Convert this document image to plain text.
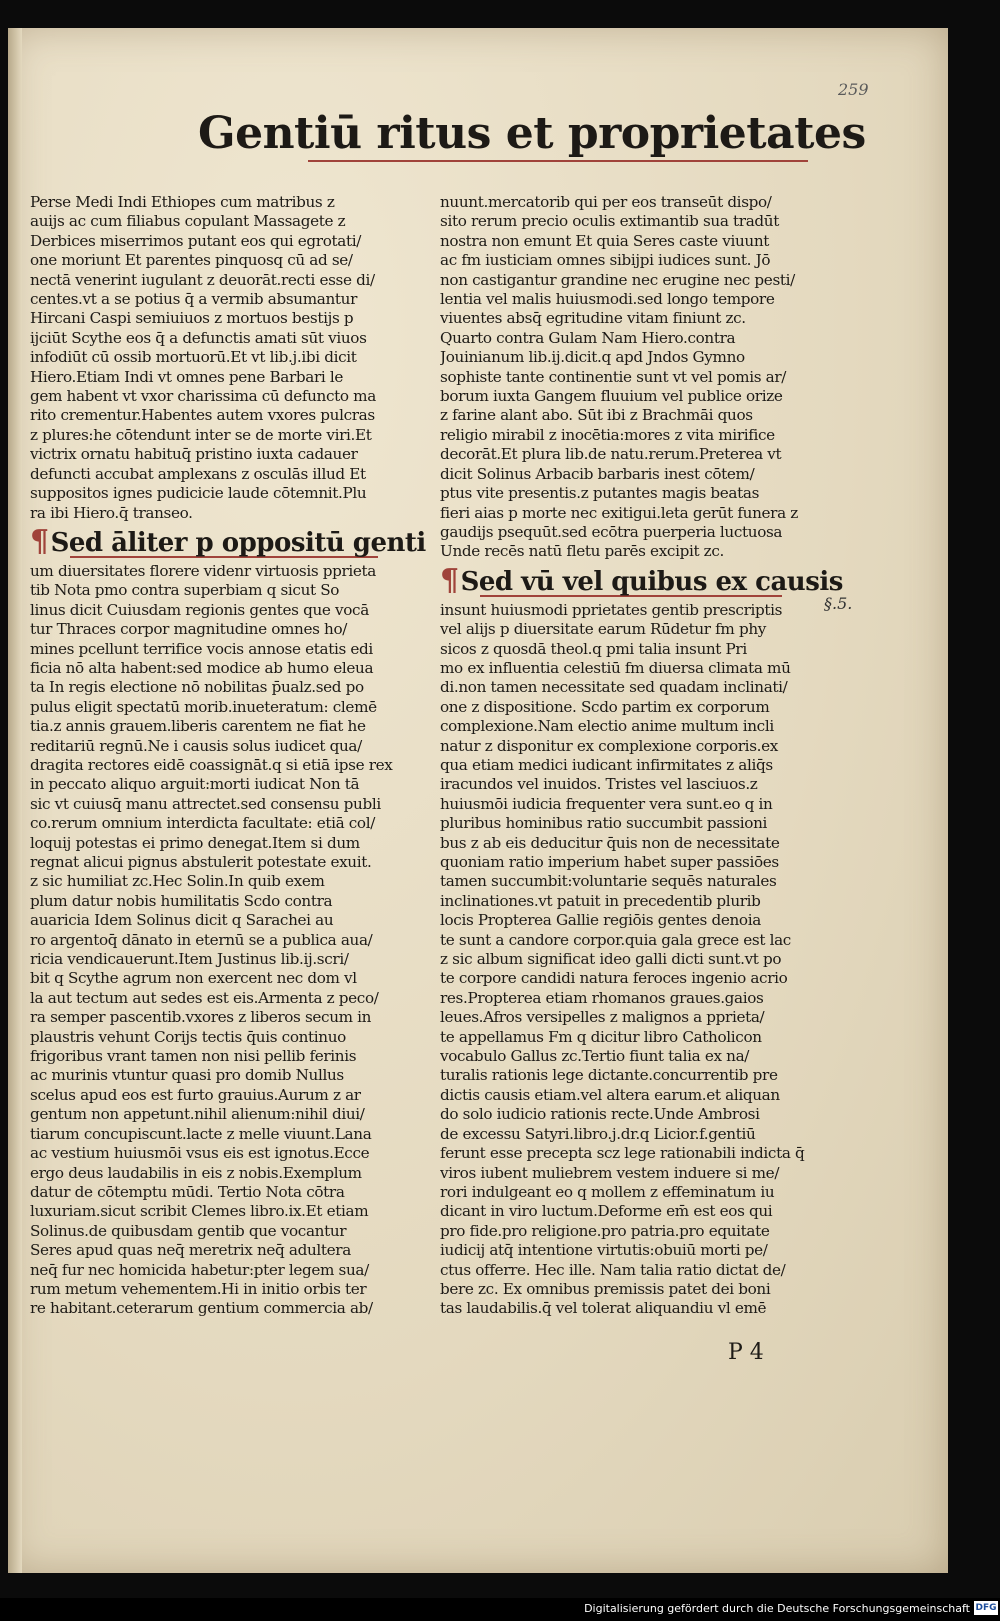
259
Gentiū ritus et proprietates
Perse Medi Indi Ethiopes cum matribus z
auijs ac cum filiabus copulant Massagete z
Derbices miserrimos putant eos qui egrotati/
one moriunt Et parentes pinquosq cū ad se/
nectā venerint iugulant z deuorāt.recti esse di/
centes.vt a se potius q̄ a vermib absumantur
Hircani Caspi semiuiuos z mortuos bestijs p
ijciūt Scythe eos q̄ a defunctis amati sūt viuos
infodiūt cū ossib mortuorū.Et vt lib.j.ibi dicit
Hiero.Etiam Indi vt omnes pene Barbari le
gem habent vt vxor charissima cū defuncto ma
rito crementur.Habentes autem vxores pulcras
z plures:he cōtendunt inter se de morte viri.Et
victrix ornatu habituq̄ pristino iuxta cadauer
defuncti accubat amplexans z osculās illud Et
suppositos ignes pudicicie laude cōtemnit.Plu
ra ibi Hiero.q̄ transeo.
¶Sed āliter p oppositū genti
um diuersitates florere videnr virtuosis pprieta
tib Nota pmo contra superbiam q sicut So
linus dicit Cuiusdam regionis gentes que vocā
tur Thraces corpor magnitudine omnes ho/
mines pcellunt terrifice vocis annose etatis edi
ficia nō alta habent:sed modice ab humo eleua
ta In regis electione nō nobilitas p̄ualz.sed po
pulus eligit spectatū morib.inueteratum: clemē
tia.z annis grauem.liberis carentem ne fiat he
reditariū regnū.Ne i causis solus iudicet qua/
dragita rectores eidē coassignāt.q si etiā ipse rex
in peccato aliquo arguit:morti iudicat Non tā
sic vt cuiusq̄ manu attrectet.sed consensu publi
co.rerum omnium interdicta facultate: etiā col/
loquij potestas ei primo denegat.Item si dum
regnat alicui pignus abstulerit potestate exuit.
z sic humiliat zc.Hec Solin.In quib exem
plum datur nobis humilitatis Scdo contra
auaricia Idem Solinus dicit q Sarachei au
ro argentoq̄ dānato in eternū se a publica aua/
ricia vendicauerunt.Item Justinus lib.ij.scri/
bit q Scythe agrum non exercent nec dom vl
la aut tectum aut sedes est eis.Armenta z peco/
ra semper pascentib.vxores z liberos secum in
plaustris vehunt Corijs tectis q̄uis continuo
frigoribus vrant tamen non nisi pellib ferinis
ac murinis vtuntur quasi pro domib Nullus
scelus apud eos est furto grauius.Aurum z ar
gentum non appetunt.nihil alienum:nihil diui/
tiarum concupiscunt.lacte z melle viuunt.Lana
ac vestium huiusmōi vsus eis est ignotus.Ecce
ergo deus laudabilis in eis z nobis.Exemplum
datur de cōtemptu mūdi. Tertio Nota cōtra
luxuriam.sicut scribit Clemes libro.ix.Et etiam
Solinus.de quibusdam gentib que vocantur
Seres apud quas neq̄ meretrix neq̄ adultera
neq̄ fur nec homicida habetur:pter legem sua/
rum metum vehementem.Hi in initio orbis ter
re habitant.ceterarum gentium commercia ab/
nuunt.mercatorib qui per eos transeūt dispo/
sito rerum precio oculis extimantib sua tradūt
nostra non emunt Et quia Seres caste viuunt
ac fm iusticiam omnes sibijpi iudices sunt. Jō
non castigantur grandine nec erugine nec pesti/
lentia vel malis huiusmodi.sed longo tempore
viuentes absq̄ egritudine vitam finiunt zc.
Quarto contra Gulam Nam Hiero.contra
Jouinianum lib.ij.dicit.q apd Jndos Gymno
sophiste tante continentie sunt vt vel pomis ar/
borum iuxta Gangem fluuium vel publice orize
z farine alant abo. Sūt ibi z Brachmāi quos
religio mirabil z inocētia:mores z vita mirifice
decorāt.Et plura lib.de natu.rerum.Preterea vt
dicit Solinus Arbacib barbaris inest cōtem/
ptus vite presentis.z putantes magis beatas
fieri aias p morte nec exitigui.leta gerūt funera z
gaudijs psequūt.sed ecōtra puerperia luctuosa
Unde recēs natū fletu parēs excipit zc.
¶Sed vū vel quibus ex causis
insunt huiusmodi pprietates gentib prescriptis
vel alijs p diuersitate earum Rūdetur fm phy
sicos z quosdā theol.q pmi talia insunt Pri
mo ex influentia celestiū fm diuersa climata mū
di.non tamen necessitate sed quadam inclinati/
one z dispositione. Scdo partim ex corporum
complexione.Nam electio anime multum incli
natur z disponitur ex complexione corporis.ex
qua etiam medici iudicant infirmitates z aliq̄s
iracundos vel inuidos. Tristes vel lasciuos.z
huiusmōi iudicia frequenter vera sunt.eo q in
pluribus hominibus ratio succumbit passioni
bus z ab eis deducitur q̄uis non de necessitate
quoniam ratio imperium habet super passiōes
tamen succumbit:voluntarie sequēs naturales
inclinationes.vt patuit in precedentib plurib
locis Propterea Gallie regiōis gentes denoia
te sunt a candore corpor.quia gala grece est lac
z sic album significat ideo galli dicti sunt.vt po
te corpore candidi natura feroces ingenio acrio
res.Propterea etiam rhomanos graues.gaios
leues.Afros versipelles z malignos a pprieta/
te appellamus Fm q dicitur libro Catholicon
vocabulo Gallus zc.Tertio fiunt talia ex na/
turalis rationis lege dictante.concurrentib pre
dictis causis etiam.vel altera earum.et aliquan
do solo iudicio rationis recte.Unde Ambrosi
de excessu Satyri.libro.j.dr.q Licior.f.gentiū
ferunt esse precepta scz lege rationabili indicta q̄
viros iubent muliebrem vestem induere si me/
rori indulgeant eo q mollem z effeminatum iu
dicant in viro luctum.Deforme em̄ est eos qui
pro fide.pro religione.pro patria.pro equitate
iudicij atq̄ intentione virtutis:obuiū morti pe/
ctus offerre. Hec ille. Nam talia ratio dictat de/
bere zc. Ex omnibus premissis patet dei boni
tas laudabilis.q̄ vel tolerat aliquandiu vl emē
§.5.
P 4
Digitalisierung gefördert durch die Deutsche Forschungsgemeinschaft DFG
